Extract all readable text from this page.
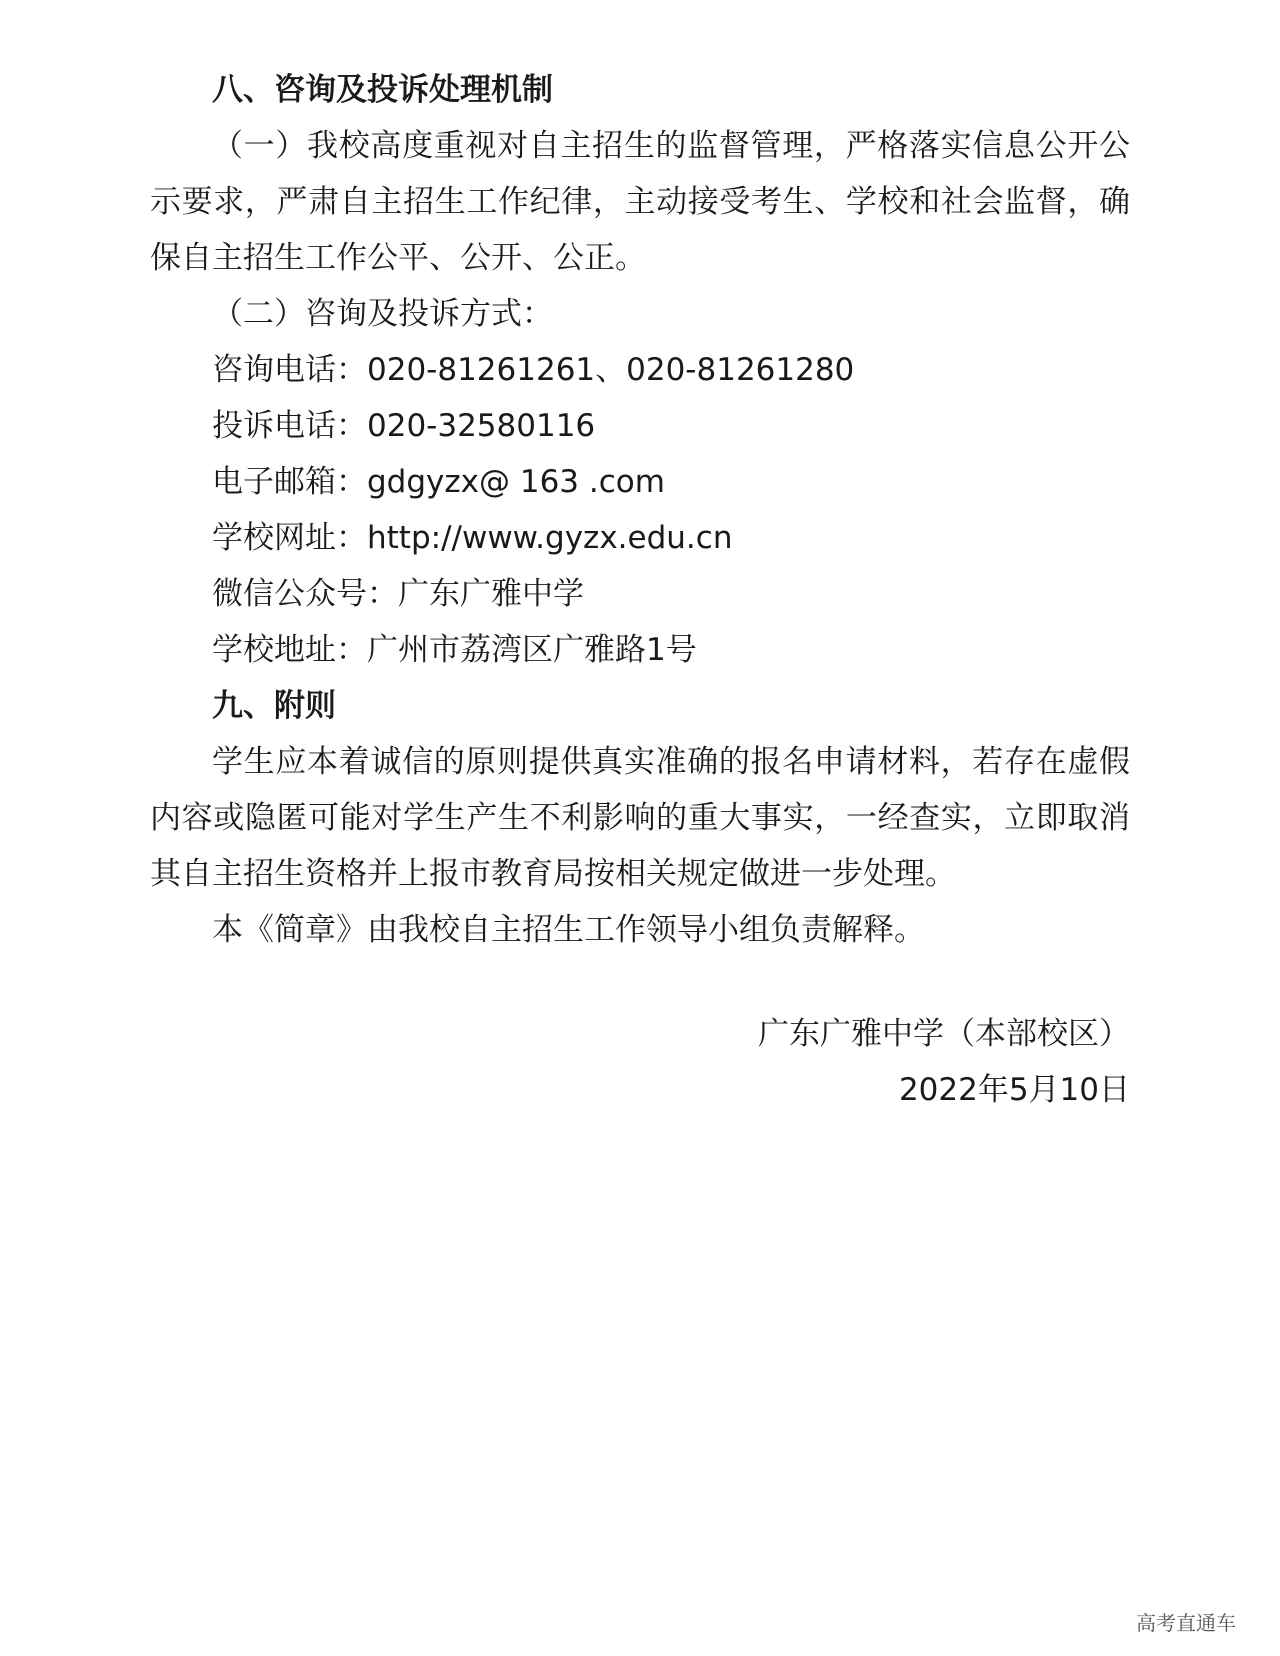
八、咨询及投诉处理机制

（一）我校高度重视对自主招生的监督管理，严格落实信息公开公示要求，严肃自主招生工作纪律，主动接受考生、学校和社会监督，确保自主招生工作公平、公开、公正。

（二）咨询及投诉方式：
咨询电话：020-81261261、020-81261280
投诉电话：020-32580116
电子邮箱：gdgyzx@ 163 .com
学校网址：http://www.gyzx.edu.cn
微信公众号：广东广雅中学
学校地址：广州市荔湾区广雅路1号
九、附则

学生应本着诚信的原则提供真实准确的报名申请材料，若存在虚假内容或隐匿可能对学生产生不利影响的重大事实，一经查实，立即取消其自主招生资格并上报市教育局按相关规定做进一步处理。

本《简章》由我校自主招生工作领导小组负责解释。
广东广雅中学（本部校区）
2022年5月10日
高考直通车
